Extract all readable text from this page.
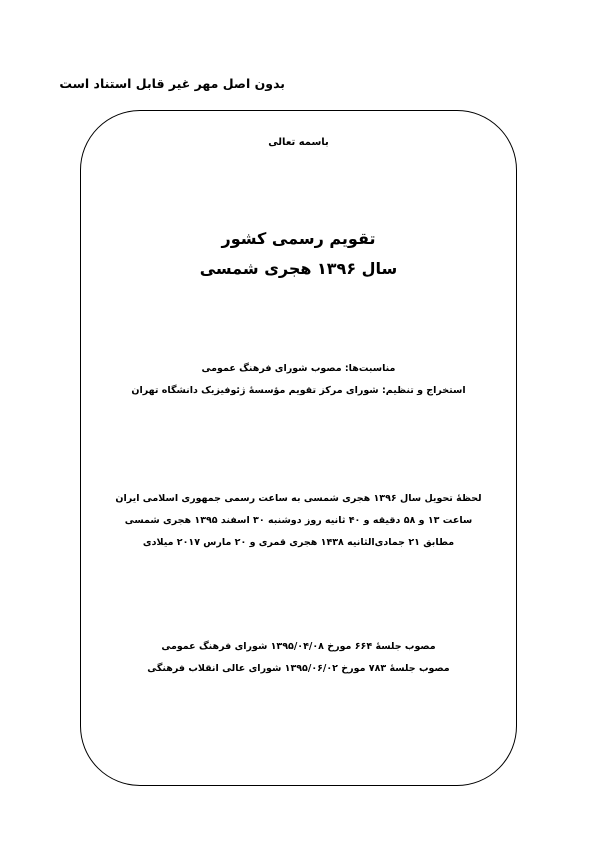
بدون اصل مهر غیر قابل استناد است
باسمه تعالی
تقویم رسمی کشور
سال ۱۳۹۶ هجری شمسی
مناسبت‌ها: مصوب شورای فرهنگ عمومی
استخراج و تنظیم: شورای مرکز تقویم مؤسسهٔ ژئوفیزیک دانشگاه تهران
لحظهٔ تحویل سال ۱۳۹۶ هجری شمسی به ساعت رسمی جمهوری اسلامی ایران
ساعت ۱۳ و ۵۸ دقیقه و ۴۰ ثانیه روز دوشنبه ۳۰ اسفند ۱۳۹۵ هجری شمسی
مطابق ۲۱ جمادی‌الثانیه ۱۴۳۸ هجری قمری و ۲۰ مارس ۲۰۱۷ میلادی
مصوب جلسهٔ ۶۶۴ مورخ ۱۳۹۵/۰۴/۰۸ شورای فرهنگ عمومی
مصوب جلسهٔ ۷۸۳ مورخ ۱۳۹۵/۰۶/۰۲ شورای عالی انقلاب فرهنگی
